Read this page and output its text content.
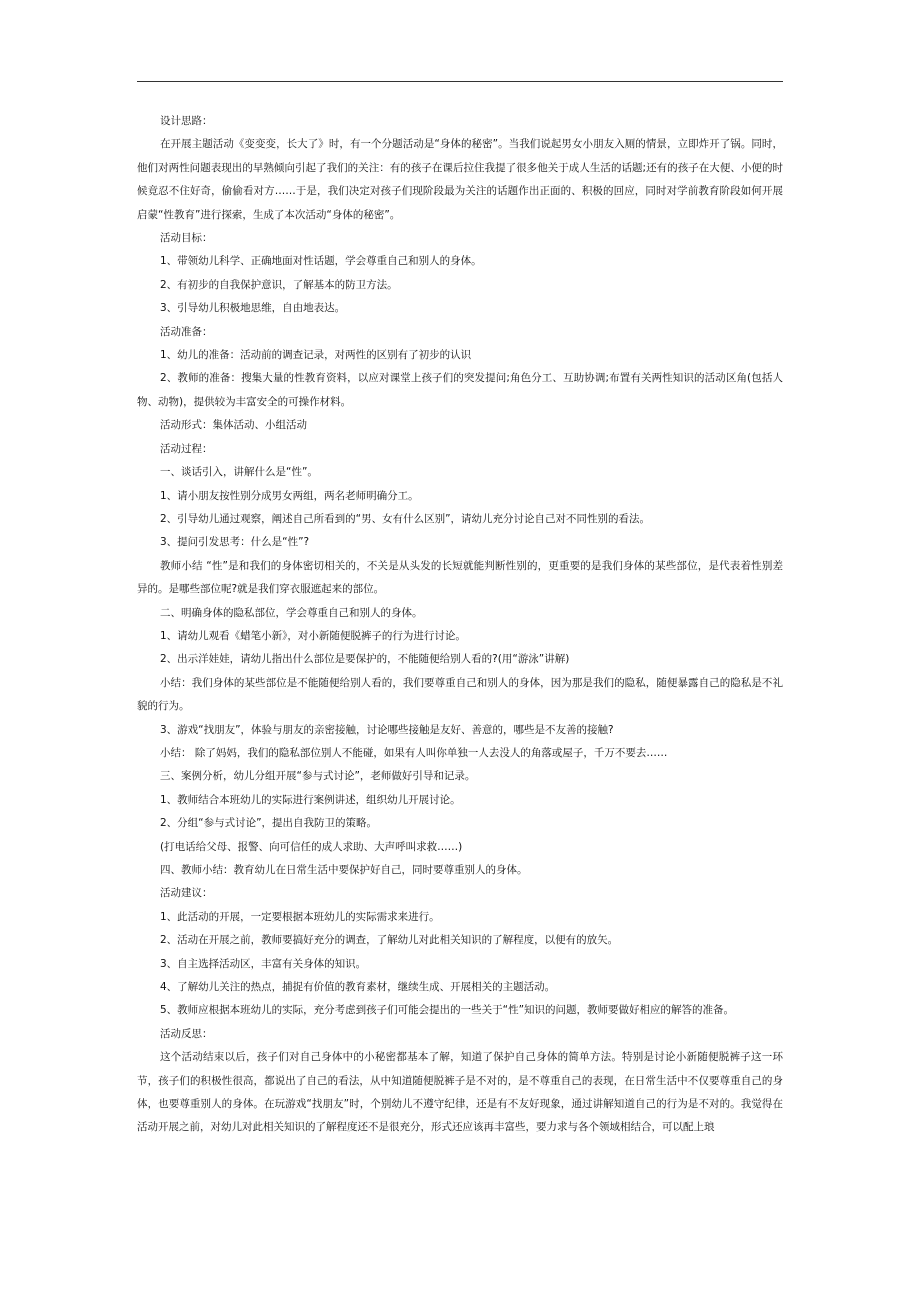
设计思路：

在开展主题活动《变变变，长大了》时，有一个分题活动是“身体的秘密”。当我们说起男女小朋友入厕的情景，立即炸开了锅。同时，他们对两性问题表现出的早熟倾向引起了我们的关注：有的孩子在课后拉住我提了很多他关于成人生活的话题;还有的孩子在大便、小便的时候竟忍不住好奇，偷偷看对方……于是，我们决定对孩子们现阶段最为关注的话题作出正面的、积极的回应，同时对学前教育阶段如何开展启蒙“性教育”进行探索，生成了本次活动“身体的秘密”。

活动目标：

1、带领幼儿科学、正确地面对性话题，学会尊重自己和别人的身体。

2、有初步的自我保护意识，了解基本的防卫方法。

3、引导幼儿积极地思维，自由地表达。

活动准备：

1、幼儿的准备：活动前的调查记录，对两性的区别有了初步的认识

2、教师的准备：搜集大量的性教育资料，以应对课堂上孩子们的突发提问;角色分工、互助协调;布置有关两性知识的活动区角(包括人物、动物)，提供较为丰富安全的可操作材料。

活动形式：集体活动、小组活动

活动过程：

一、谈话引入，讲解什么是“性”。

1、请小朋友按性别分成男女两组，两名老师明确分工。

2、引导幼儿通过观察，阐述自己所看到的“男、女有什么区别”，请幼儿充分讨论自己对不同性别的看法。

3、提问引发思考：什么是“性”?

教师小结 “性”是和我们的身体密切相关的，不关是从头发的长短就能判断性别的，更重要的是我们身体的某些部位，是代表着性别差异的。是哪些部位呢?就是我们穿衣服遮起来的部位。

二、明确身体的隐私部位，学会尊重自己和别人的身体。

1、请幼儿观看《蜡笔小新》，对小新随便脱裤子的行为进行讨论。

2、出示洋娃娃，请幼儿指出什么部位是要保护的，不能随便给别人看的?(用“游泳”讲解)

小结：我们身体的某些部位是不能随便给别人看的，我们要尊重自己和别人的身体，因为那是我们的隐私，随便暴露自己的隐私是不礼貌的行为。

3、游戏“找朋友”，体验与朋友的亲密接触，讨论哪些接触是友好、善意的，哪些是不友善的接触?

小结： 除了妈妈，我们的隐私部位别人不能碰，如果有人叫你单独一人去没人的角落或屋子，千万不要去……

三、案例分析，幼儿分组开展“参与式讨论”，老师做好引导和记录。

1、教师结合本班幼儿的实际进行案例讲述，组织幼儿开展讨论。

2、分组“参与式讨论”，提出自我防卫的策略。

(打电话给父母、报警、向可信任的成人求助、大声呼叫求救……)

四、教师小结：教育幼儿在日常生活中要保护好自己，同时要尊重别人的身体。

活动建议：

1、此活动的开展，一定要根据本班幼儿的实际需求来进行。

2、活动在开展之前，教师要搞好充分的调查，了解幼儿对此相关知识的了解程度，以便有的放矢。

3、自主选择活动区，丰富有关身体的知识。

4、了解幼儿关注的热点，捕捉有价值的教育素材，继续生成、开展相关的主题活动。

5、教师应根据本班幼儿的实际，充分考虑到孩子们可能会提出的一些关于“性”知识的问题，教师要做好相应的解答的准备。

活动反思：

这个活动结束以后，孩子们对自己身体中的小秘密都基本了解，知道了保护自己身体的简单方法。特别是讨论小新随便脱裤子这一环节，孩子们的积极性很高，都说出了自己的看法，从中知道随便脱裤子是不对的，是不尊重自己的表现，在日常生活中不仅要尊重自己的身体，也要尊重别人的身体。在玩游戏“找朋友”时，个别幼儿不遵守纪律，还是有不友好现象，通过讲解知道自己的行为是不对的。我觉得在活动开展之前，对幼儿对此相关知识的了解程度还不是很充分，形式还应该再丰富些，要力求与各个领域相结合，可以配上琅
